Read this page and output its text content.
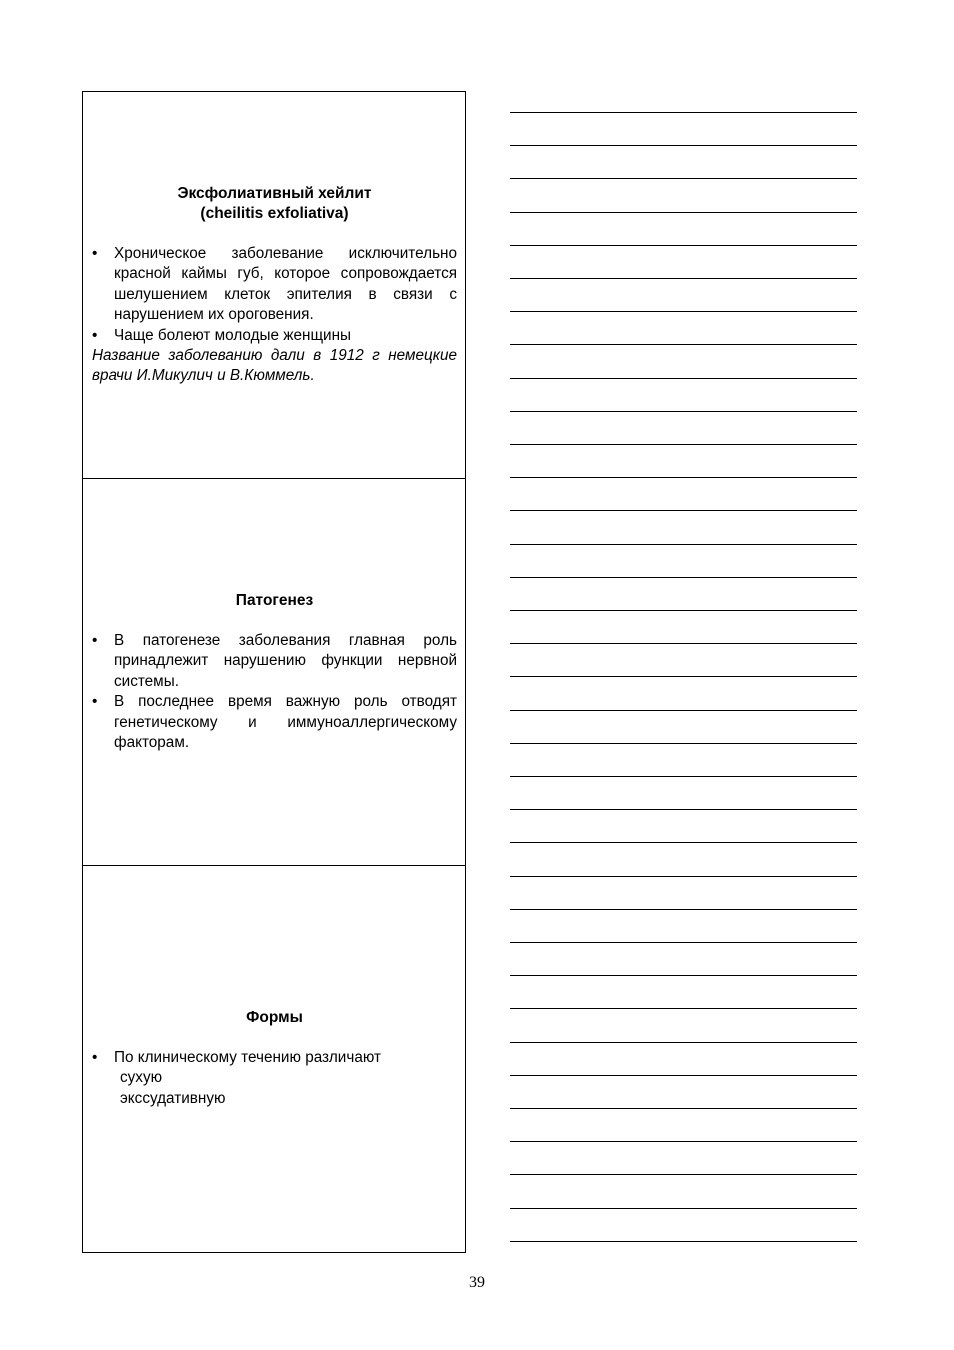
Эксфолиативный хейлит
(cheilitis exfoliativa)
• Хроническое заболевание исключительно красной каймы губ, которое сопровождается шелушением клеток эпителия в связи с нарушением их ороговения.
• Чаще болеют молодые женщины

Название заболеванию дали в 1912 г немецкие врачи И.Микулич и В.Кюммель.

Патогенез
• В патогенезе заболевания главная роль принадлежит нарушению функции нервной системы.
• В последнее время важную роль отводят генетическому и иммуноаллергическому факторам.
Формы
• По клиническому течению различают

сухую

экссудативную

39
